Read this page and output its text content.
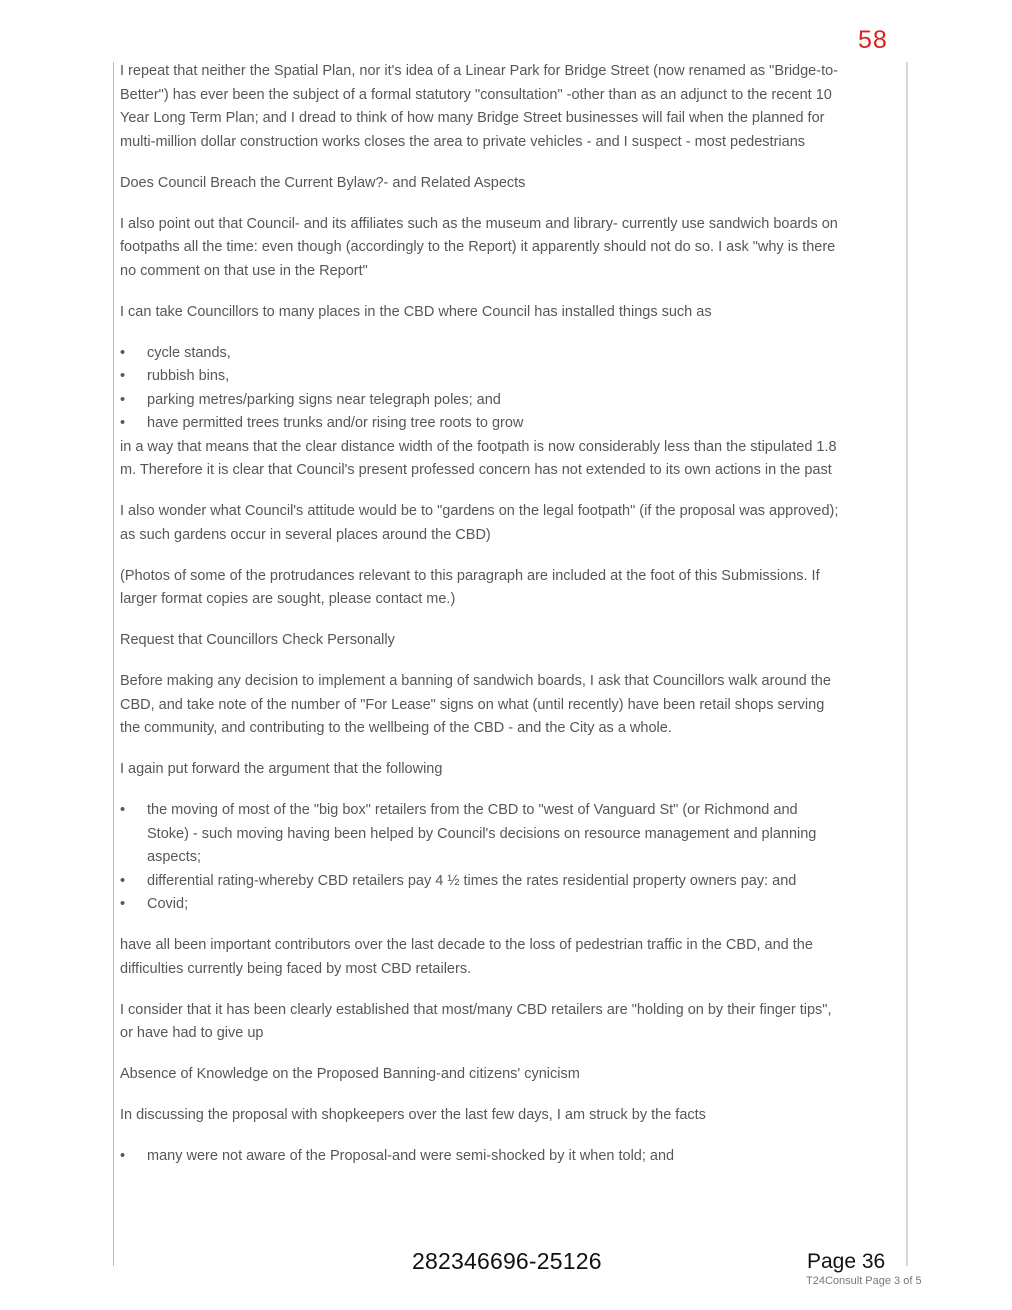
58

I repeat that neither the Spatial Plan, nor it's idea of a Linear Park for Bridge Street (now renamed as "Bridge-to-Better") has ever been the subject of a formal statutory "consultation" -other than as an adjunct to the recent 10 Year Long Term Plan; and I dread to think of how many Bridge Street businesses will fail when the planned for multi-million dollar construction works closes the area to private vehicles - and I suspect - most pedestrians

Does Council Breach the Current Bylaw?- and Related Aspects

I also point out that Council- and its affiliates such as the museum and library- currently use sandwich boards on footpaths all the time: even though (accordingly to the Report) it apparently should not do so. I ask "why is there no comment on that use in the Report"

I can take Councillors to many places in the CBD where Council has installed things such as

• cycle stands,
• rubbish bins,
• parking metres/parking signs near telegraph poles; and
• have permitted trees trunks and/or rising tree roots to grow

in a way that means that the clear distance width of the footpath is now considerably less than the stipulated 1.8 m. Therefore it is clear that Council's present professed concern has not extended to its own actions in the past

I also wonder what Council's attitude would be to "gardens on the legal footpath" (if the proposal was approved); as such gardens occur in several places around the CBD)

(Photos of some of the protrudances relevant to this paragraph are included at the foot of this Submissions. If larger format copies are sought, please contact me.)

Request that Councillors Check Personally

Before making any decision to implement a banning of sandwich boards, I ask that Councillors walk around the CBD, and take note of the number of "For Lease" signs on what (until recently) have been retail shops serving the community, and contributing to the wellbeing of the CBD - and the City as a whole.

I again put forward the argument that the following

• the moving of most of the "big box" retailers from the CBD to "west of Vanguard St" (or Richmond and Stoke) - such moving having been helped by Council's decisions on resource management and planning aspects;
• differential rating-whereby CBD retailers pay 4 ½ times the rates residential property owners pay: and
• Covid;

have all been important contributors over the last decade to the loss of pedestrian traffic in the CBD, and the difficulties currently being faced by most CBD retailers.

I consider that it has been clearly established that most/many CBD retailers are "holding on by their finger tips", or have had to give up

Absence of Knowledge on the Proposed Banning-and citizens' cynicism

In discussing the proposal with shopkeepers over the last few days, I am struck by the facts

• many were not aware of the Proposal-and were semi-shocked by it when told; and
282346696-25126	Page 36
T24Consult Page 3 of 5
